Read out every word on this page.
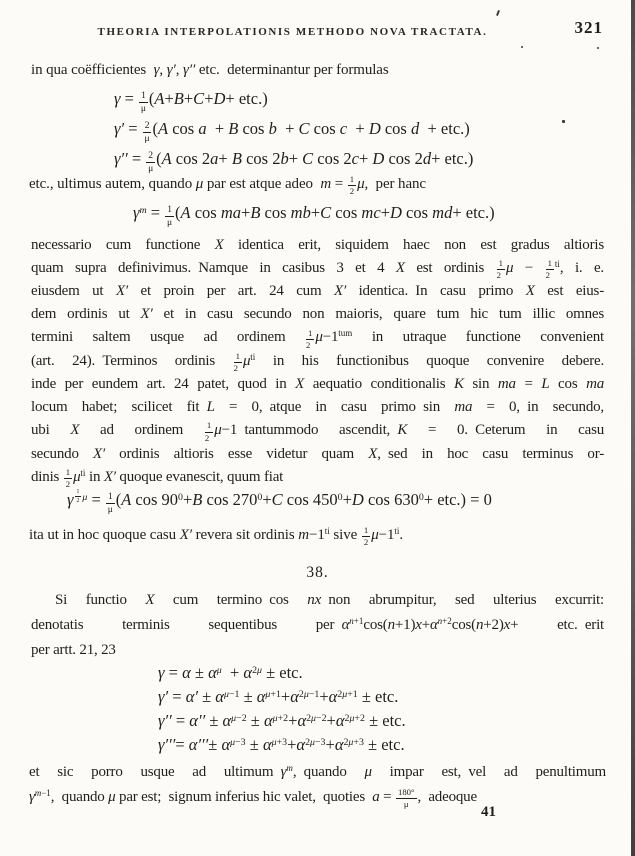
THEORIA INTERPOLATIONIS METHODO NOVA TRACTATA.	321
in qua coëfficientes γ, γ′, γ′′ etc. determinantur per formulas
$\gamma = \frac{1}{\mu} (A+B+C+D+ etc.)$
$\gamma' = \frac{2}{\mu} (A$ cos a + B cos b + C cos c + D cos d + etc.)
$\gamma'' = \frac{2}{\mu} (A$ cos 2a+ B cos 2b+ C cos 2c+ D cos 2d+ etc.)
etc., ultimus autem, quando μ par est atque adeo $m = \frac{1}{2} \mu$, per hanc
$\gamma^m = \frac{1}{\mu} (A$ cos ma+B cos mb+C cos mc+D cos md+ etc.)
necessario cum functione X identica erit, siquidem haec non est gradus altioris
quam supra definivimus. Namque in casibus 3 et 4 X est ordinis $\frac{1}{2}$ $\mu - \frac{1}{2} ^{ti}$, i. e.
eiusdem ut X′ et proin per art. 24 cum X′ identica. In casu primo X est eius-
dem ordinis ut X′ et in casu secundo non maioris, quare tum hic tum illic omnes
termini saltem usque ad ordinem $\frac{1}{2} \mu-1^{tum}$ in utraque functione convenient
(art. 24). Terminos ordinis $\frac{1}{2} \mu^{ti}$ in his functionibus quoque convenire debere.
inde per eundem art. 24 patet, quod in X aequatio conditionalis K sin ma = L cos ma
locum habet; scilicet fit L = 0, atque in casu primo sin ma = 0, in secundo,
ubi X ad ordinem $\frac{1}{2} \mu-1$ tantummodo ascendit, K = 0. Ceterum in casu
secundo X′ ordinis altioris esse videtur quam X, sed in hoc casu terminus or-
dinis $\frac{1}{2} \mu^{ti}$ in X′ quoque evanescit, quum fiat
γ $^{\frac{1}{2} \mu} = \frac{1}{\mu} (A$ $\cos 90^0+B$ $\cos 270^0+C$ $\cos 450^0+D$ $\cos 630^0+ etc.) = 0$
ita ut in hoc quoque casu X′ revera sit ordinis $m-1^{ti}$ sive $\frac{1}{2} \mu-1^{ti}$.
38.
Si functio X cum termino cos nx non abrumpitur, sed ulterius excurrit:
denotatis terminis sequentibus per $\alpha^{n+1}\cos(n+1)x+\alpha^{n+2}\cos(n+2)x+$ etc. erit
per artt. 21, 23
$\gamma = \alpha \pm \alpha^\mu$ + $\alpha^{2\mu}$ ± etc.
$\gamma' = \alpha' \pm \alpha^{\mu-1} \pm \alpha^{\mu+1}+\alpha^{2\mu-1}+\alpha^{2\mu+1}$ ± etc.
$\gamma'' = \alpha'' \pm \alpha^{\mu-2} \pm \alpha^{\mu+2}+\alpha^{2\mu-2}+\alpha^{2\mu+2}$ ± etc.
$\gamma'''= \alpha'''\pm \alpha^{\mu-3} \pm \alpha^{\mu+3}+\alpha^{2\mu-3}+\alpha^{2\mu+3}$ ± etc.
et sic porro usque ad ultimum $\gamma^m$, quando μ impar est, vel ad penultimum
$\gamma^{m-1}$, quando μ par est; signum inferius hic valet, quoties $a = \frac{180^\circ}{\mu}$ , adeoque
41
